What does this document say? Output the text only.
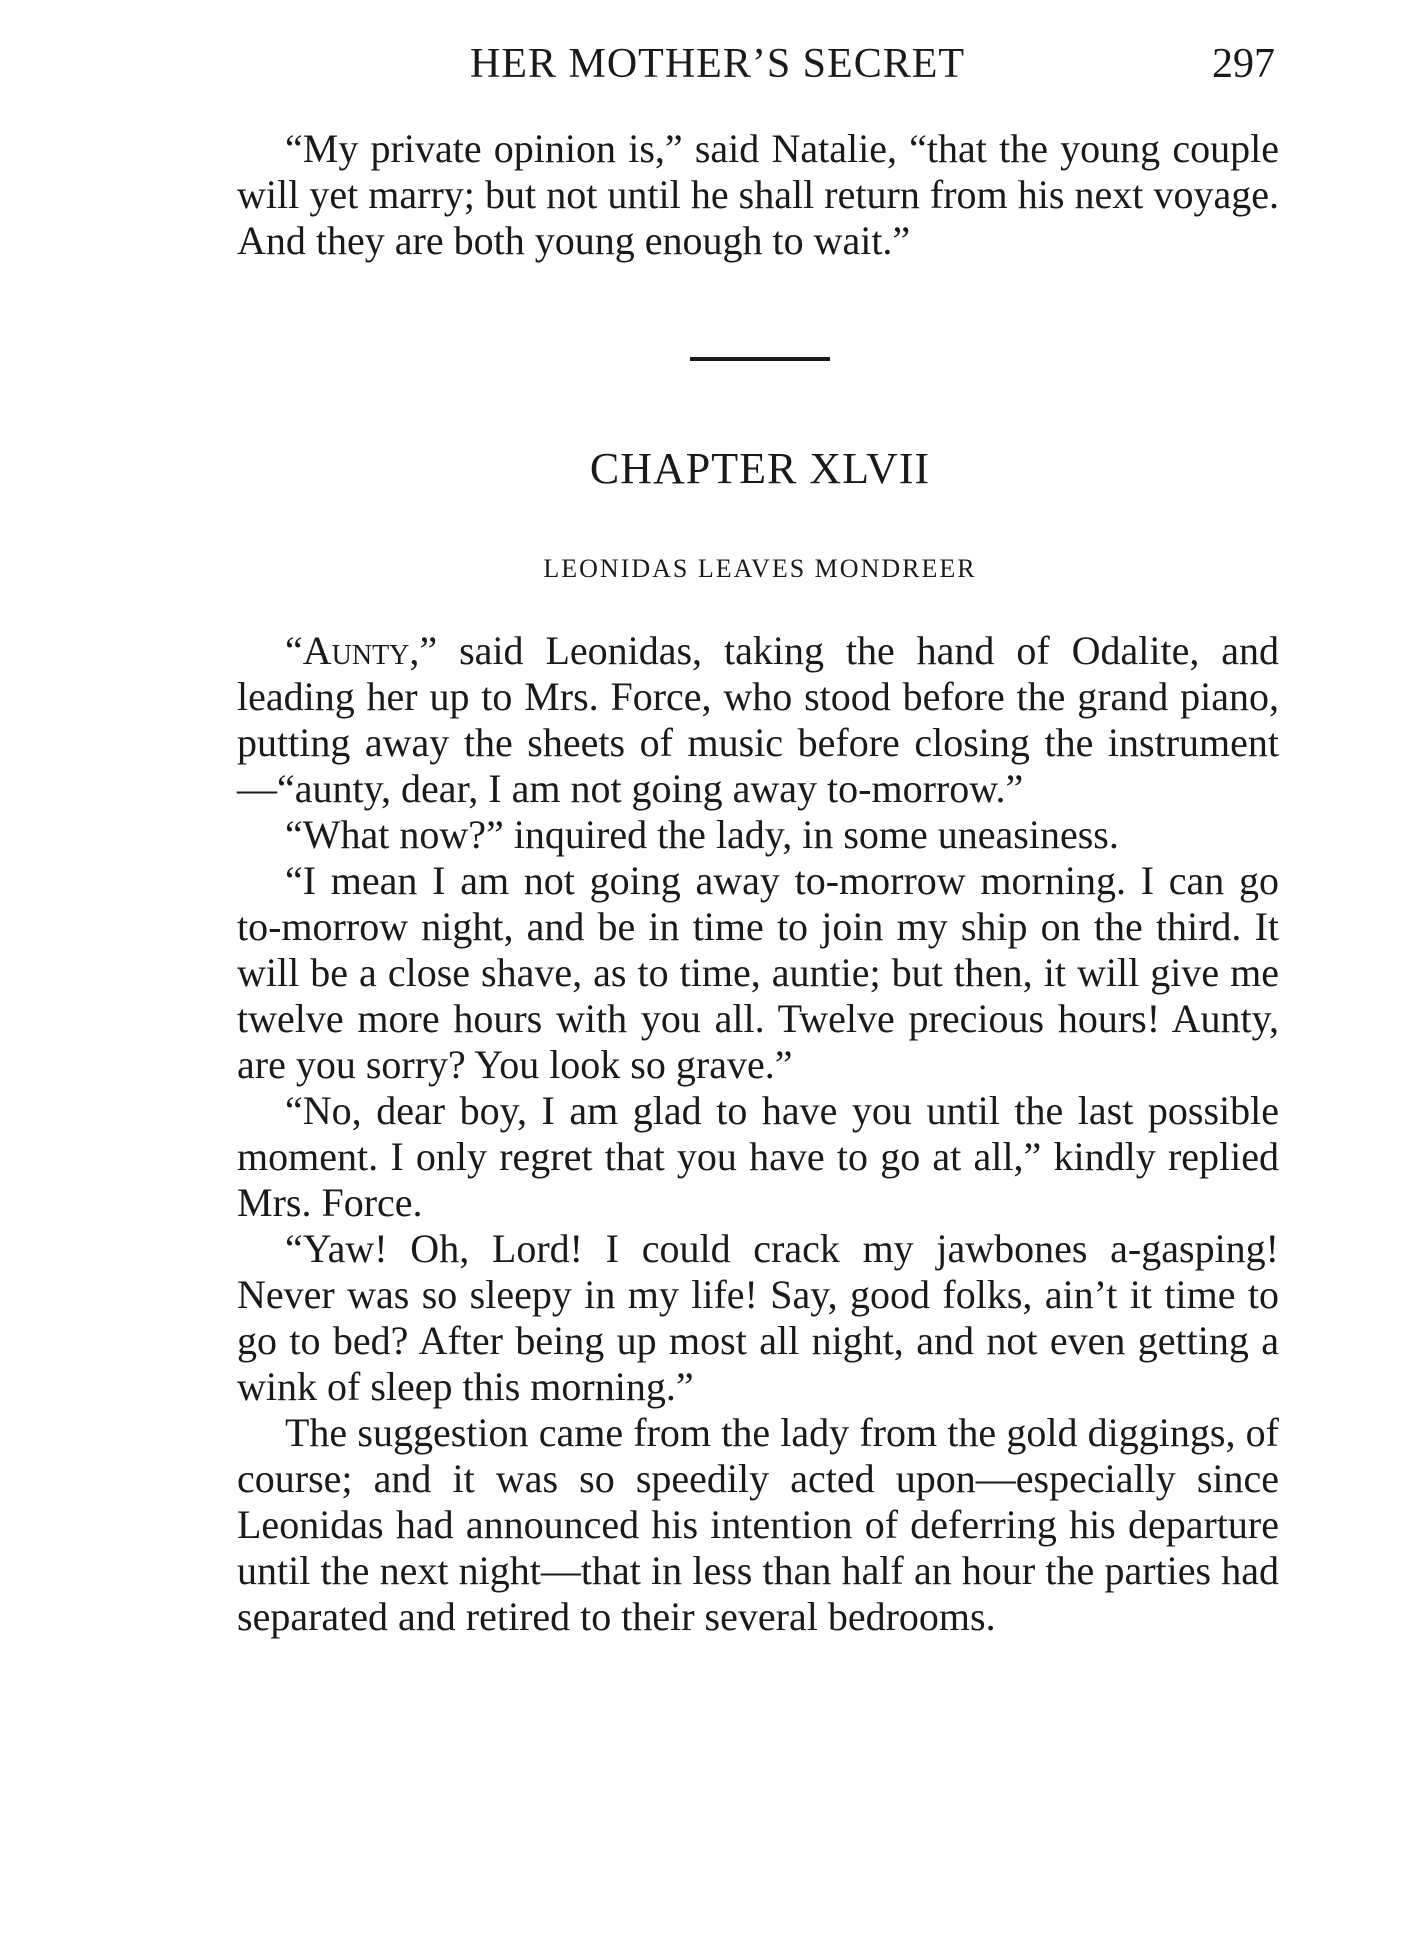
HER MOTHER’S SECRET	297

“My private opinion is,” said Natalie, “that the young couple will yet marry; but not until he shall return from his next voyage. And they are both young enough to wait.”

CHAPTER XLVII
LEONIDAS LEAVES MONDREER

“Aunty,” said Leonidas, taking the hand of Odalite, and leading her up to Mrs. Force, who stood before the grand piano, putting away the sheets of music before closing the instrument—“aunty, dear, I am not going away to-morrow.”

“What now?” inquired the lady, in some uneasiness.

“I mean I am not going away to-morrow morning. I can go to-morrow night, and be in time to join my ship on the third. It will be a close shave, as to time, auntie; but then, it will give me twelve more hours with you all. Twelve precious hours! Aunty, are you sorry? You look so grave.”

“No, dear boy, I am glad to have you until the last possible moment. I only regret that you have to go at all,” kindly replied Mrs. Force.

“Yaw! Oh, Lord! I could crack my jawbones a-gasping! Never was so sleepy in my life! Say, good folks, ain’t it time to go to bed? After being up most all night, and not even getting a wink of sleep this morning.”

The suggestion came from the lady from the gold diggings, of course; and it was so speedily acted upon—especially since Leonidas had announced his intention of deferring his departure until the next night—that in less than half an hour the parties had separated and retired to their several bedrooms.
